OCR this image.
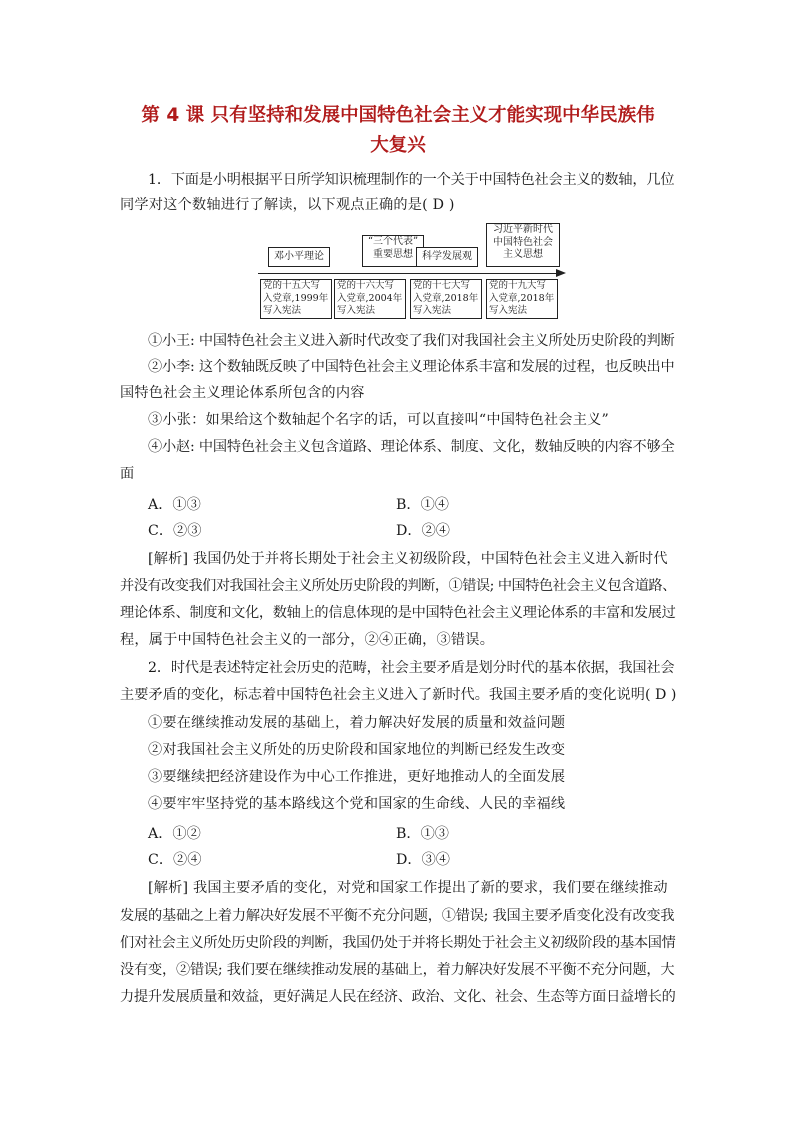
第 4 课 只有坚持和发展中国特色社会主义才能实现中华民族伟
大复兴
1．下面是小明根据平日所学知识梳理制作的一个关于中国特色社会主义的数轴，几位
同学对这个数轴进行了解读，以下观点正确的是( D )
邓小平理论
“三个代表”
重要思想 科学发展观
习近平新时代
中国特色社会
主义思想
党的十五大写
入党章,1999年
写入宪法
党的十六大写
入党章,2004年
写入宪法
党的十七大写
入党章,2018年
写入宪法
党的十九大写
入党章,2018年
写入宪法
①小王: 中国特色社会主义进入新时代改变了我们对我国社会主义所处历史阶段的判断
②小李: 这个数轴既反映了中国特色社会主义理论体系丰富和发展的过程，也反映出中
国特色社会主义理论体系所包含的内容
③小张：如果给这个数轴起个名字的话，可以直接叫“中国特色社会主义”
④小赵: 中国特色社会主义包含道路、理论体系、制度、文化，数轴反映的内容不够全
面
A．①③	B．①④
C．②③	D．②④
[解析] 我国仍处于并将长期处于社会主义初级阶段，中国特色社会主义进入新时代
并没有改变我们对我国社会主义所处历史阶段的判断，①错误; 中国特色社会主义包含道路、
理论体系、制度和文化，数轴上的信息体现的是中国特色社会主义理论体系的丰富和发展过
程，属于中国特色社会主义的一部分，②④正确，③错误。
2．时代是表述特定社会历史的范畴，社会主要矛盾是划分时代的基本依据，我国社会
主要矛盾的变化，标志着中国特色社会主义进入了新时代。我国主要矛盾的变化说明( D )
①要在继续推动发展的基础上，着力解决好发展的质量和效益问题
②对我国社会主义所处的历史阶段和国家地位的判断已经发生改变
③要继续把经济建设作为中心工作推进，更好地推动人的全面发展
④要牢牢坚持党的基本路线这个党和国家的生命线、人民的幸福线
A．①②	B．①③
C．②④	D．③④
[解析] 我国主要矛盾的变化，对党和国家工作提出了新的要求，我们要在继续推动
发展的基础之上着力解决好发展不平衡不充分问题，①错误; 我国主要矛盾变化没有改变我
们对社会主义所处历史阶段的判断，我国仍处于并将长期处于社会主义初级阶段的基本国情
没有变，②错误; 我们要在继续推动发展的基础上，着力解决好发展不平衡不充分问题，大
力提升发展质量和效益，更好满足人民在经济、政治、文化、社会、生态等方面日益增长的
